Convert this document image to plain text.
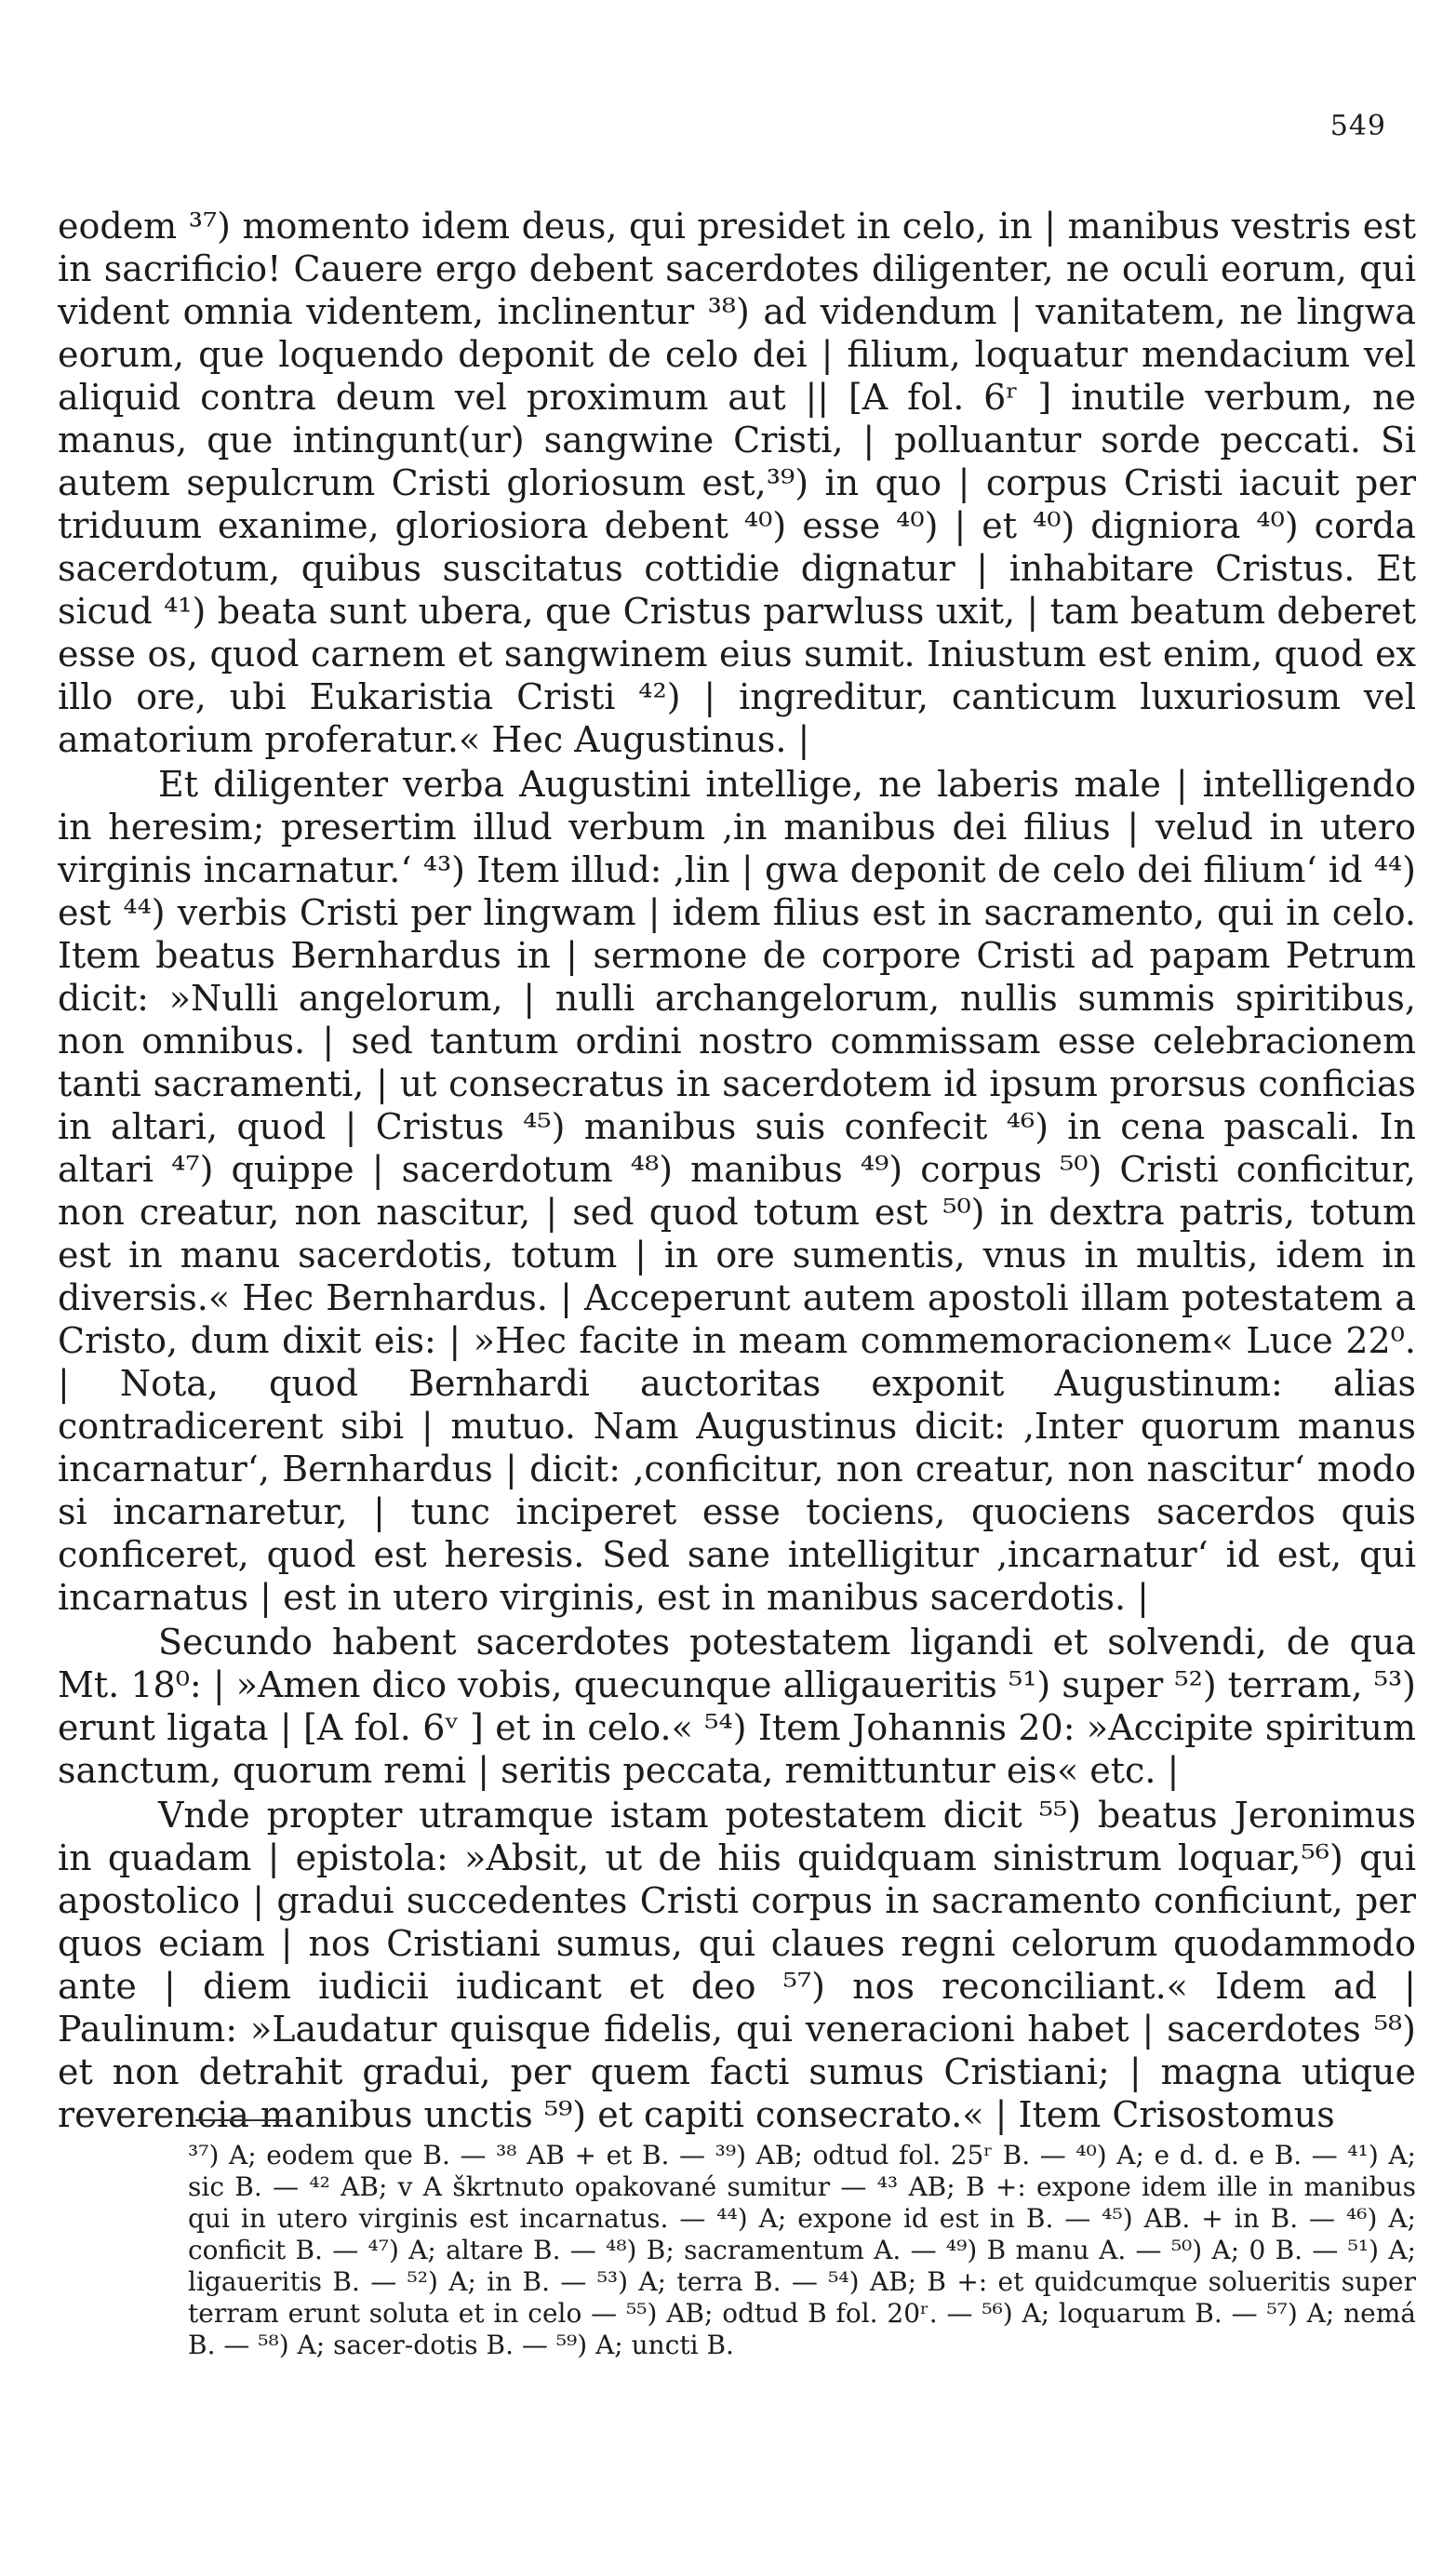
549

eodem ³⁷) momento idem deus, qui presidet in celo, in | manibus vestris est in sacrificio! Cauere ergo debent sacerdotes diligenter, ne oculi eorum, qui vident omnia videntem, inclinentur ³⁸) ad videndum | vanitatem, ne lingwa eorum, que loquendo deponit de celo dei | filium, loquatur mendacium vel aliquid contra deum vel proximum aut || [A fol. 6ʳ ] inutile verbum, ne manus, que intingunt(ur) sangwine Cristi, | polluantur sorde peccati. Si autem sepulcrum Cristi gloriosum est,³⁹) in quo | corpus Cristi iacuit per triduum exanime, gloriosiora debent ⁴⁰) esse ⁴⁰) | et ⁴⁰) digniora ⁴⁰) corda sacerdotum, quibus suscitatus cottidie dignatur | inhabitare Cristus. Et sicud ⁴¹) beata sunt ubera, que Cristus parwluss uxit, | tam beatum deberet esse os, quod carnem et sangwinem eius sumit. Iniustum est enim, quod ex illo ore, ubi Eukaristia Cristi ⁴²) | ingreditur, canticum luxuriosum vel amatorium proferatur.« Hec Augustinus. |

Et diligenter verba Augustini intellige, ne laberis male | intelligendo in heresim; presertim illud verbum ‚in manibus dei filius | velud in utero virginis incarnatur.‘ ⁴³) Item illud: ‚lin | gwa deponit de celo dei filium‘ id ⁴⁴) est ⁴⁴) verbis Cristi per lingwam | idem filius est in sacramento, qui in celo. Item beatus Bernhardus in | sermone de corpore Cristi ad papam Petrum dicit: »Nulli angelorum, | nulli archangelorum, nullis summis spiritibus, non omnibus. | sed tantum ordini nostro commissam esse celebracionem tanti sacramenti, | ut consecratus in sacerdotem id ipsum prorsus conficias in altari, quod | Cristus ⁴⁵) manibus suis confecit ⁴⁶) in cena pascali. In altari ⁴⁷) quippe | sacerdotum ⁴⁸) manibus ⁴⁹) corpus ⁵⁰) Cristi conficitur, non creatur, non nascitur, | sed quod totum est ⁵⁰) in dextra patris, totum est in manu sacerdotis, totum | in ore sumentis, vnus in multis, idem in diversis.« Hec Bernhardus. | Acceperunt autem apostoli illam potestatem a Cristo, dum dixit eis: | »Hec facite in meam commemoracionem« Luce 22⁰. | Nota, quod Bernhardi auctoritas exponit Augustinum: alias contradicerent sibi | mutuo. Nam Augustinus dicit: ‚Inter quorum manus incarnatur‘, Bernhardus | dicit: ‚conficitur, non creatur, non nascitur‘ modo si incarnaretur, | tunc inciperet esse tociens, quociens sacerdos quis conficeret, quod est heresis. Sed sane intelligitur ‚incarnatur‘ id est, qui incarnatus | est in utero virginis, est in manibus sacerdotis. |

Secundo habent sacerdotes potestatem ligandi et solvendi, de qua Mt. 18⁰: | »Amen dico vobis, quecunque alligaueritis ⁵¹) super ⁵²) terram, ⁵³) erunt ligata | [A fol. 6ᵛ ] et in celo.« ⁵⁴) Item Johannis 20: »Accipite spiritum sanctum, quorum remi | seritis peccata, remittuntur eis« etc. |

Vnde propter utramque istam potestatem dicit ⁵⁵) beatus Jeronimus in quadam | epistola: »Absit, ut de hiis quidquam sinistrum loquar,⁵⁶) qui apostolico | gradui succedentes Cristi corpus in sacramento conficiunt, per quos eciam | nos Cristiani sumus, qui claues regni celorum quodammodo ante | diem iudicii iudicant et deo ⁵⁷) nos reconciliant.« Idem ad | Paulinum: »Laudatur quisque fidelis, qui veneracioni habet | sacerdotes ⁵⁸) et non detrahit gradui, per quem facti sumus Cristiani; | magna utique reverencia manibus unctis ⁵⁹) et capiti consecrato.« | Item Crisostomus

³⁷) A; eodem que B. — ³⁸ AB + et B. — ³⁹) AB; odtud fol. 25ʳ B. — ⁴⁰) A; e d. d. e B. — ⁴¹) A; sic B. — ⁴² AB; v A škrtnuto opakované sumitur — ⁴³ AB; B +: expone idem ille in manibus qui in utero virginis est incarnatus. — ⁴⁴) A; expone id est in B. — ⁴⁵) AB. + in B. — ⁴⁶) A; conficit B. — ⁴⁷) A; altare B. — ⁴⁸) B; sacramentum A. — ⁴⁹) B manu A. — ⁵⁰) A; 0 B. — ⁵¹) A; ligaueritis B. — ⁵²) A; in B. — ⁵³) A; terra B. — ⁵⁴) AB; B +: et quidcumque solueritis super terram erunt soluta et in celo — ⁵⁵) AB; odtud B fol. 20ʳ. — ⁵⁶) A; loquarum B. — ⁵⁷) A; nemá B. — ⁵⁸) A; sacer-dotis B. — ⁵⁹) A; uncti B.
